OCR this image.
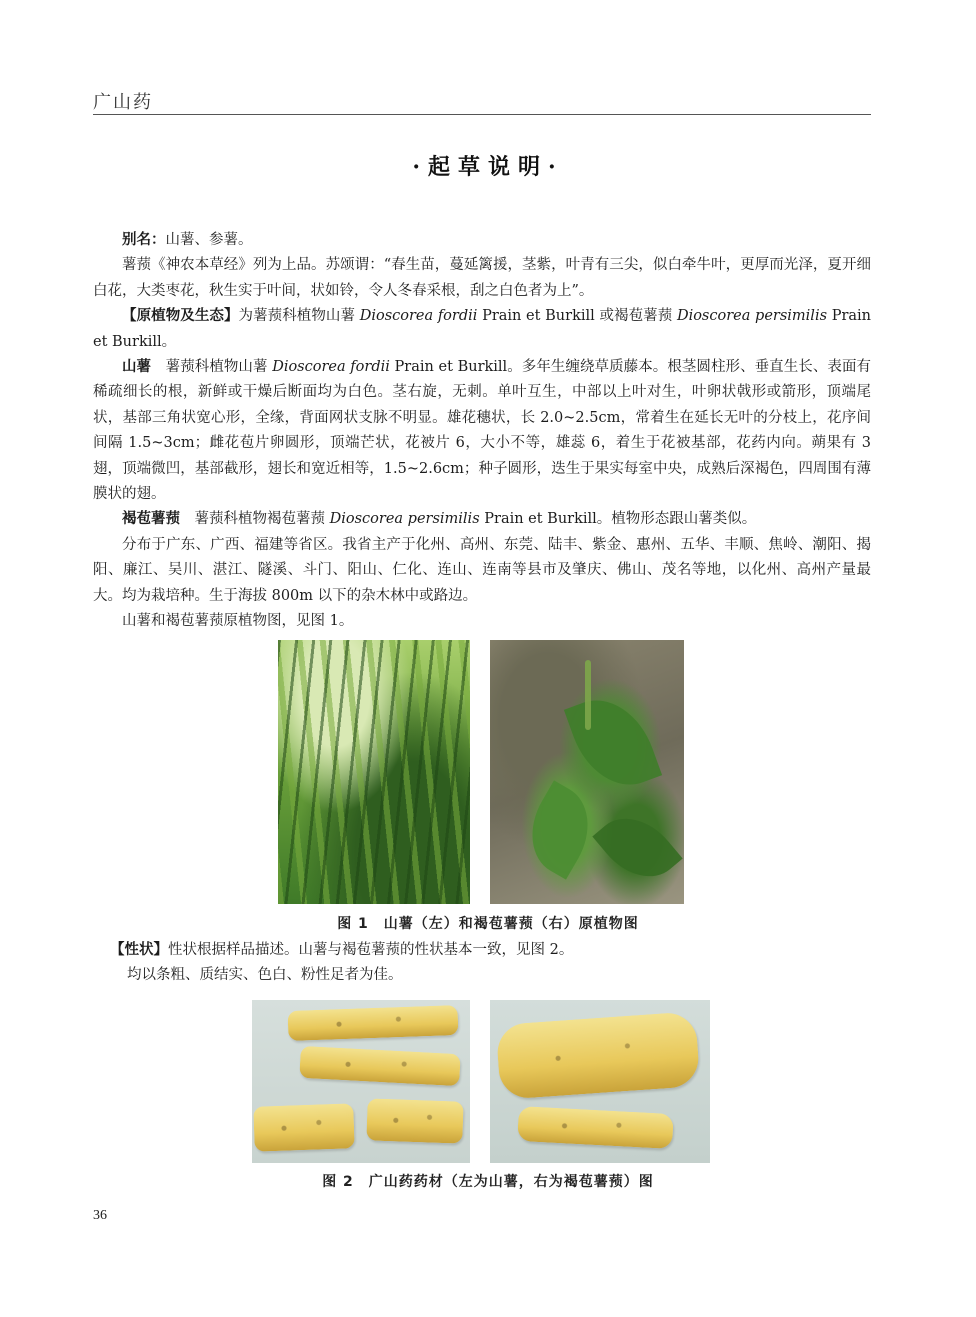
广山药
·起草说明·

别名：山薯、参薯。

薯蓣《神农本草经》列为上品。苏颂谓：“春生苗，蔓延篱援，茎紫，叶青有三尖，似白牵牛叶，更厚而光泽，夏开细白花，大类枣花，秋生实于叶间，状如铃，令人冬春采根，刮之白色者为上”。

【原植物及生态】为薯蓣科植物山薯 Dioscorea fordii Prain et Burkill 或褐苞薯蓣 Dioscorea persimilis Prain et Burkill。

山薯　薯蓣科植物山薯 Dioscorea fordii Prain et Burkill。多年生缠绕草质藤本。根茎圆柱形、垂直生长、表面有稀疏细长的根，新鲜或干燥后断面均为白色。茎右旋，无刺。单叶互生，中部以上叶对生，叶卵状戟形或箭形，顶端尾状，基部三角状宽心形，全缘，背面网状支脉不明显。雄花穗状，长 2.0~2.5cm，常着生在延长无叶的分枝上，花序间间隔 1.5~3cm；雌花苞片卵圆形，顶端芒状，花被片 6，大小不等，雄蕊 6，着生于花被基部，花药内向。蒴果有 3 翅，顶端微凹，基部截形，翅长和宽近相等，1.5~2.6cm；种子圆形，迭生于果实每室中央，成熟后深褐色，四周围有薄膜状的翅。

褐苞薯蓣　薯蓣科植物褐苞薯蓣 Dioscorea persimilis Prain et Burkill。植物形态跟山薯类似。

分布于广东、广西、福建等省区。我省主产于化州、高州、东莞、陆丰、紫金、惠州、五华、丰顺、焦岭、潮阳、揭阳、廉江、吴川、湛江、隧溪、斗门、阳山、仁化、连山、连南等县市及肇庆、佛山、茂名等地，以化州、高州产量最大。均为栽培种。生于海拔 800m 以下的杂木林中或路边。

山薯和褐苞薯蓣原植物图，见图 1。

图 1　山薯（左）和褐苞薯蓣（右）原植物图
【性状】性状根据样品描述。山薯与褐苞薯蓣的性状基本一致，见图 2。
均以条粗、质结实、色白、粉性足者为佳。
图 2　广山药药材（左为山薯，右为褐苞薯蓣）图
36
